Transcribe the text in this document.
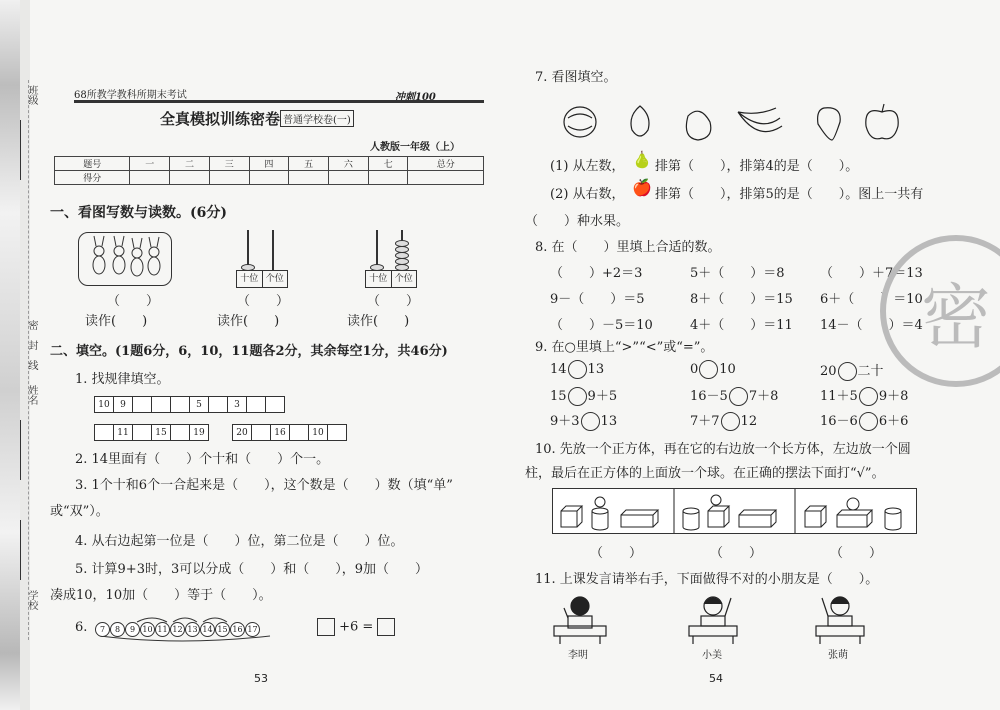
班级
密　封　线
姓名
学校
68所教学教科所期末考试	冲刺100
全真模拟训练密卷 普通学校卷(一)
人教版一年级（上）
题号	一	二	三	四	五	六	七	总分
得分								
一、看图写数与读数。(6分)
十位 个位	十位 个位
（　　）	（　　）	（　　）
读作(　　)	读作(　　)	读作(　　)
二、填空。(1题6分，6，10，11题各2分，其余每空1分，共46分)
1. 找规律填空。
10	9	5	3
11	15	19	20	16	10
2. 14里面有（　　）个十和（　　）个一。
3. 1个十和6个一合起来是（　　），这个数是（　　）数（填“单”
或“双”）。
4. 从右边起第一位是（　　）位，第二位是（　　）位。
5. 计算9+3时，3可以分成（　　）和（　　），9加（　　）
凑成10，10加（　　）等于（　　）。
6.	7	8	9 10 11 12 13 14 15 16 17	+6 =
53
7. 看图填空。
(1) 从左数， 🍐 排第（　　），排第4的是（　　）。
(2) 从右数， 🍎 排第（　　），排第5的是（　　）。图上一共有
（　　）种水果。
8. 在（　　）里填上合适的数。
（　　）+2＝3	5＋（　　）＝8	（　　）＋7＝13
9－（　　）＝5	8＋（　　）＝15 6＋（　　）＝10
（　　）－5＝10	4＋（　　）＝11 14－（　　）＝4
9. 在○里填上“>”“<”或“=”。
14 13	0 10	20 二十
15 9＋5	16－5 7＋8	11＋5 9＋8
9＋3 13	7＋7 12	16－6 6＋6
10. 先放一个正方体，再在它的右边放一个长方体，左边放一个圆
柱，最后在正方体的上面放一个球。在正确的摆法下面打“√”。
（　　）	（　　）	（　　）
11. 上课发言请举右手，下面做得不对的小朋友是（　　）。
李明	小美	张萌
54
密
